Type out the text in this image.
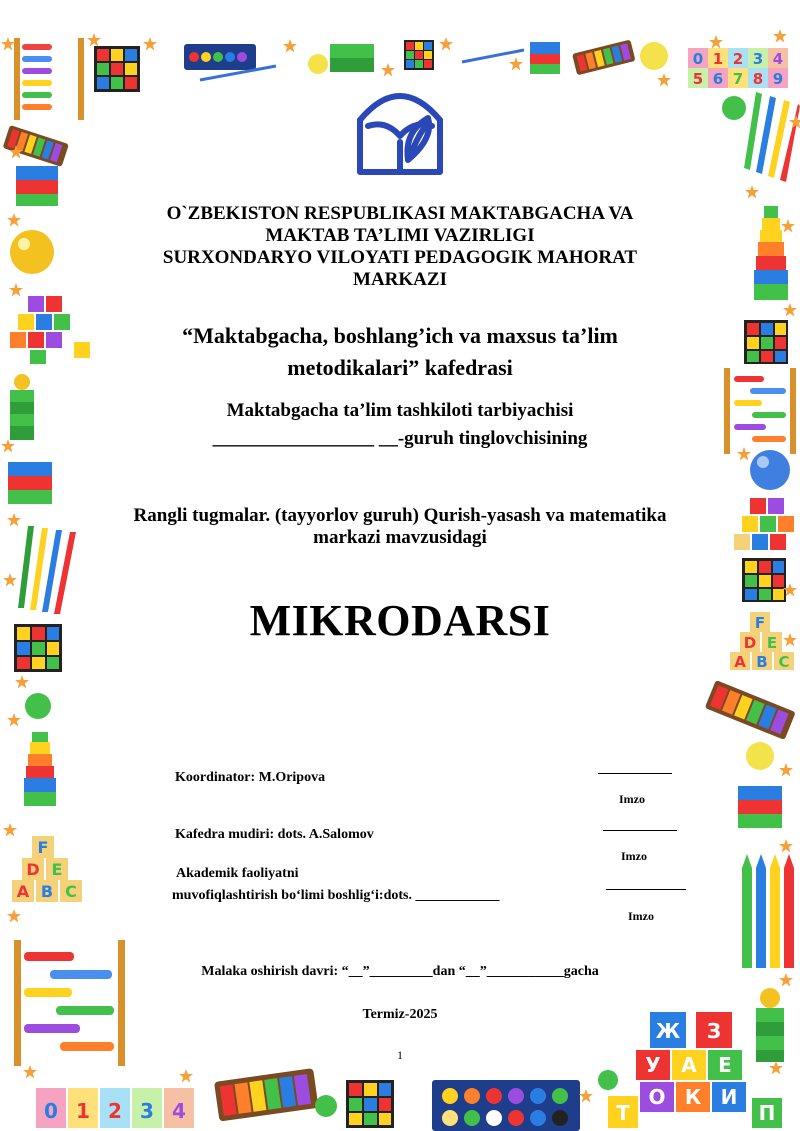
F
D E
A B C
0 1 2 3 4
Ж З
У А Е
О К И
Т	П
F
D E
A B C
0 1 2 3 4
5 6 7 8 9
O`ZBEKISTON RESPUBLIKASI MAKTABGACHA VA
MAKTAB TA’LIMI VAZIRLIGI
SURXONDARYO VILOYATI PEDAGOGIK MAHORAT
MARKAZI
“Maktabgacha, boshlang’ich va maxsus ta’lim
metodikalari” kafedrasi
Maktabgacha ta’lim tashkiloti tarbiyachisi
_________________ __-guruh tinglovchisining
Rangli tugmalar. (tayyorlov guruh) Qurish-yasash va matematika
markazi mavzusidagi
MIKRODARSI
Koordinator: M.Oripova
Imzo
Kafedra mudiri: dots. A.Salomov
Imzo
Akademik faoliyatni
muvofiqlashtirish bo‘limi boshlig‘i:dots. ____________
Imzo
Malaka oshirish davri: “__”_________dan “__”___________gacha
Termiz-2025
1
